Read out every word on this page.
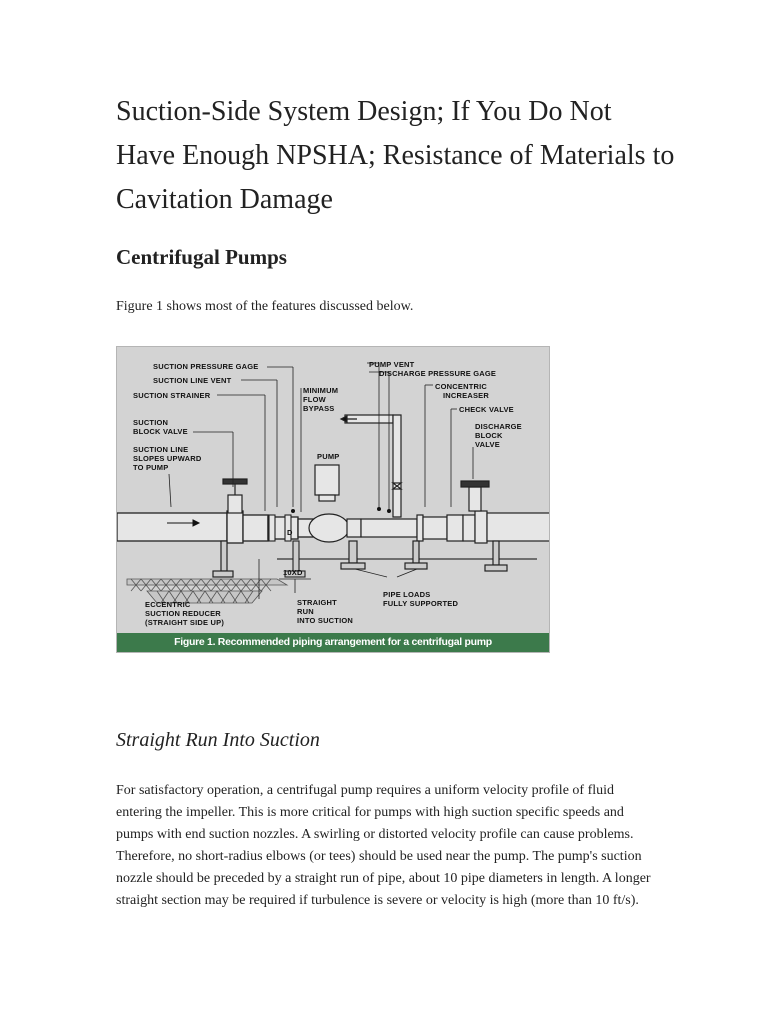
Suction-Side System Design; If You Do Not Have Enough NPSHA; Resistance of Materials to Cavitation Damage
Centrifugal Pumps

Figure 1 shows most of the features discussed below.

SUCTION PRESSURE GAGE
SUCTION LINE VENT
SUCTION STRAINER
SUCTION
BLOCK VALVE
SUCTION LINE
SLOPES UPWARD
TO PUMP
MINIMUM
FLOW
BYPASS
PUMP
PUMP VENT
DISCHARGE PRESSURE GAGE
CONCENTRIC
INCREASER
CHECK VALVE
DISCHARGE
BLOCK
VALVE
10XD
D
STRAIGHT
RUN
INTO SUCTION
PIPE LOADS
FULLY SUPPORTED
ECCENTRIC
SUCTION REDUCER
(STRAIGHT SIDE UP)
Figure 1. Recommended piping arrangement for a centrifugal pump
Straight Run Into Suction

For satisfactory operation, a centrifugal pump requires a uniform velocity profile of fluid entering the impeller. This is more critical for pumps with high suction specific speeds and pumps with end suction nozzles. A swirling or distorted velocity profile can cause problems. Therefore, no short-radius elbows (or tees) should be used near the pump. The pump's suction nozzle should be preceded by a straight run of pipe, about 10 pipe diameters in length. A longer straight section may be required if turbulence is severe or velocity is high (more than 10 ft/s).
